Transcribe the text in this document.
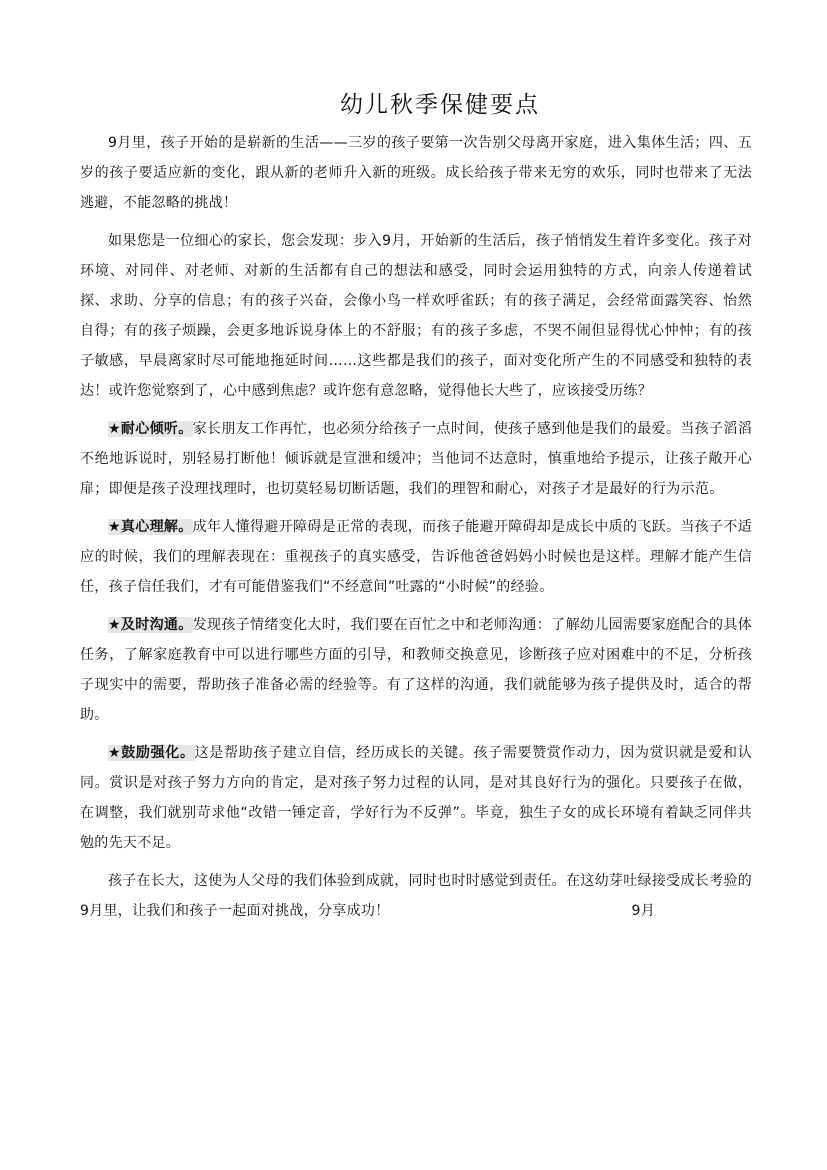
幼儿秋季保健要点

9月里，孩子开始的是崭新的生活——三岁的孩子要第一次告别父母离开家庭，进入集体生活；四、五岁的孩子要适应新的变化，跟从新的老师升入新的班级。成长给孩子带来无穷的欢乐，同时也带来了无法逃避，不能忽略的挑战！

如果您是一位细心的家长，您会发现：步入9月，开始新的生活后，孩子悄悄发生着许多变化。孩子对环境、对同伴、对老师、对新的生活都有自己的想法和感受，同时会运用独特的方式，向亲人传递着试探、求助、分享的信息；有的孩子兴奋，会像小鸟一样欢呼雀跃；有的孩子满足，会经常面露笑容、怡然自得；有的孩子烦躁，会更多地诉说身体上的不舒服；有的孩子多虑，不哭不闹但显得忧心忡忡；有的孩子敏感，早晨离家时尽可能地拖延时间……这些都是我们的孩子，面对变化所产生的不同感受和独特的表达！或许您觉察到了，心中感到焦虑？或许您有意忽略，觉得他长大些了，应该接受历练？

★耐心倾听。家长朋友工作再忙，也必须分给孩子一点时间，使孩子感到他是我们的最爱。当孩子滔滔不绝地诉说时，别轻易打断他！倾诉就是宣泄和缓冲；当他词不达意时，慎重地给予提示，让孩子敞开心扉；即便是孩子没理找理时，也切莫轻易切断话题，我们的理智和耐心，对孩子才是最好的行为示范。

★真心理解。成年人懂得避开障碍是正常的表现，而孩子能避开障碍却是成长中质的飞跃。当孩子不适应的时候，我们的理解表现在：重视孩子的真实感受，告诉他爸爸妈妈小时候也是这样。理解才能产生信任，孩子信任我们，才有可能借鉴我们“不经意间”吐露的“小时候”的经验。

★及时沟通。发现孩子情绪变化大时，我们要在百忙之中和老师沟通：了解幼儿园需要家庭配合的具体任务，了解家庭教育中可以进行哪些方面的引导，和教师交换意见，诊断孩子应对困难中的不足，分析孩子现实中的需要，帮助孩子准备必需的经验等。有了这样的沟通，我们就能够为孩子提供及时，适合的帮助。

★鼓励强化。这是帮助孩子建立自信，经历成长的关键。孩子需要赞赏作动力，因为赏识就是爱和认同。赏识是对孩子努力方向的肯定，是对孩子努力过程的认同，是对其良好行为的强化。只要孩子在做，在调整，我们就别苛求他“改错一锤定音，学好行为不反弹”。毕竟，独生子女的成长环境有着缺乏同伴共勉的先天不足。

孩子在长大，这使为人父母的我们体验到成就，同时也时时感觉到责任。在这幼芽吐绿接受成长考验的9月里，让我们和孩子一起面对挑战，分享成功！	9月
